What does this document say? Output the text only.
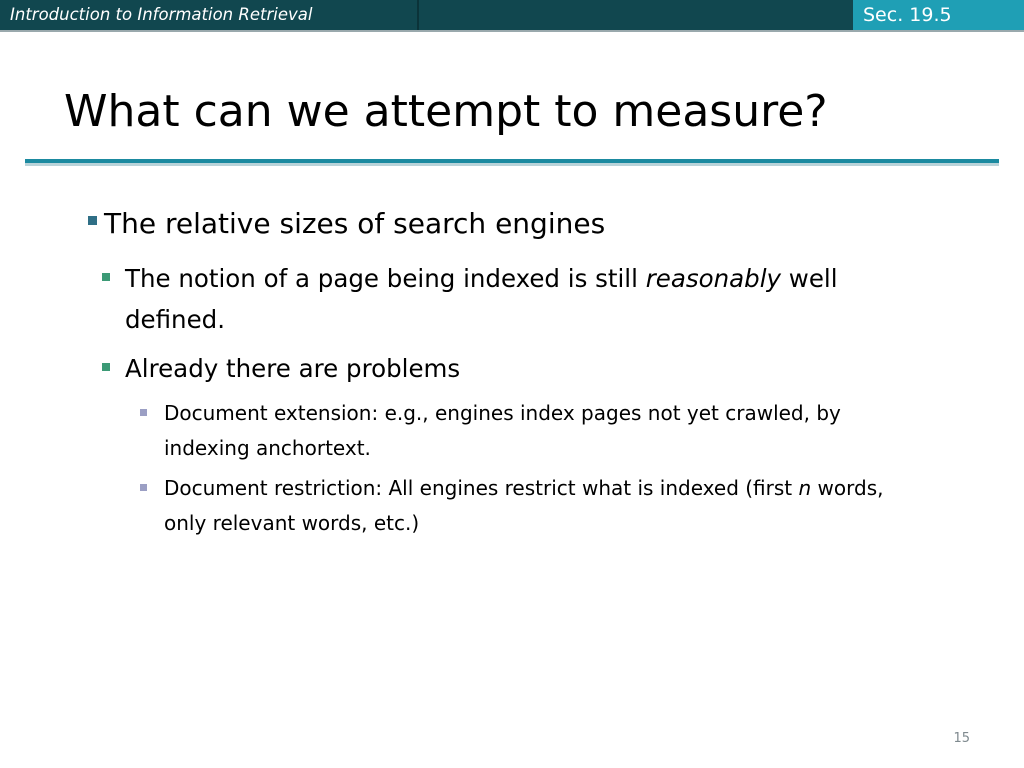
Introduction to Information Retrieval	Sec. 19.5
What can we attempt to measure?
The relative sizes of search engines
The notion of a page being indexed is still reasonably well defined.
Already there are problems
Document extension: e.g., engines index pages not yet crawled, by indexing anchortext.
Document restriction: All engines restrict what is indexed (first n words, only relevant words, etc.)
15
